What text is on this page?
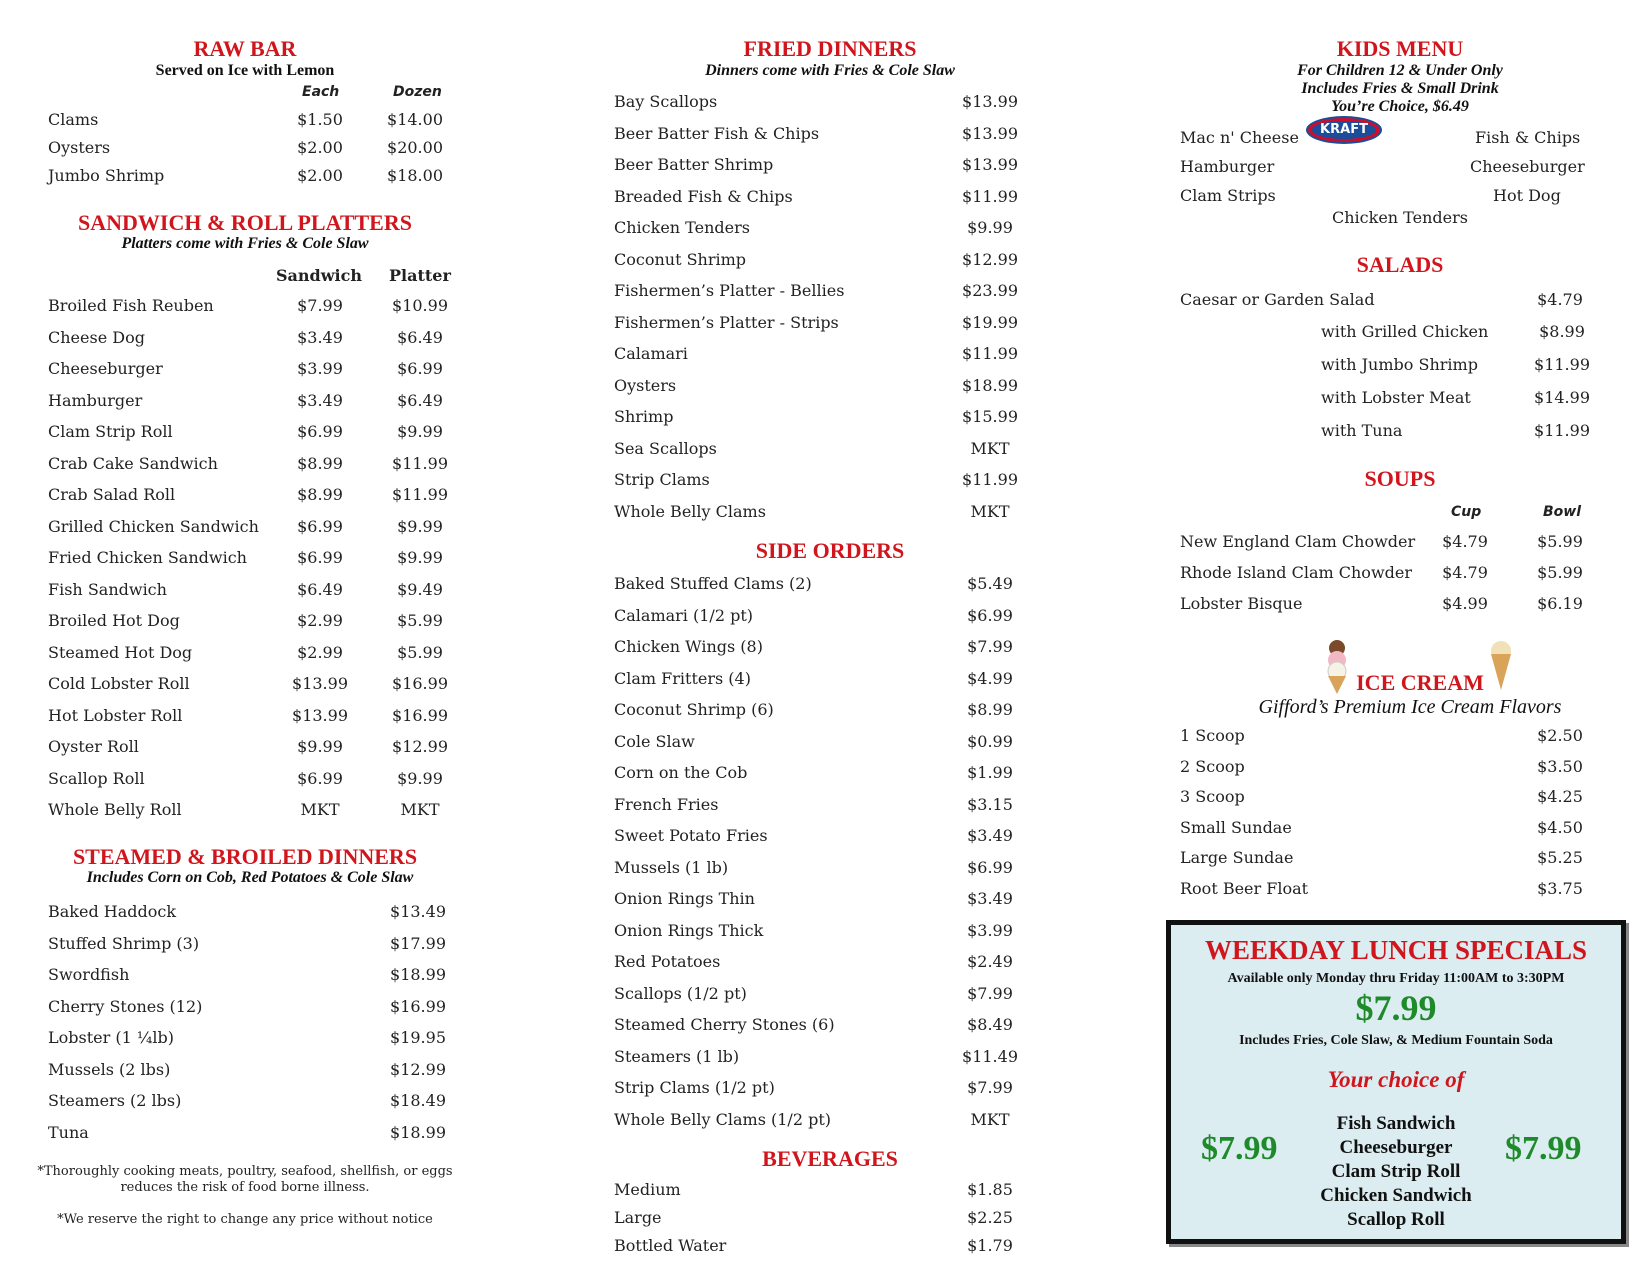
RAW BAR
Served on Ice with Lemon
Each	Dozen
Clams	$1.50	$14.00
Oysters	$2.00	$20.00
Jumbo Shrimp	$2.00	$18.00
SANDWICH & ROLL PLATTERS
Platters come with Fries & Cole Slaw
Sandwich Platter
Broiled Fish Reuben	$7.99	$10.99
Cheese Dog	$3.49	$6.49
Cheeseburger	$3.99	$6.99
Hamburger	$3.49	$6.49
Clam Strip Roll	$6.99	$9.99
Crab Cake Sandwich	$8.99	$11.99
Crab Salad Roll	$8.99	$11.99
Grilled Chicken Sandwich $6.99	$9.99
Fried Chicken Sandwich	$6.99	$9.99
Fish Sandwich	$6.49	$9.49
Broiled Hot Dog	$2.99	$5.99
Steamed Hot Dog	$2.99	$5.99
Cold Lobster Roll	$13.99	$16.99
Hot Lobster Roll	$13.99	$16.99
Oyster Roll	$9.99	$12.99
Scallop Roll	$6.99	$9.99
Whole Belly Roll	MKT	MKT
STEAMED & BROILED DINNERS
Includes Corn on Cob, Red Potatoes & Cole Slaw
Baked Haddock	$13.49
Stuffed Shrimp (3)	$17.99
Swordfish	$18.99
Cherry Stones (12)	$16.99
Lobster (1 ¼lb)	$19.95
Mussels (2 lbs)	$12.99
Steamers (2 lbs)	$18.49
Tuna	$18.99
*Thoroughly cooking meats, poultry, seafood, shellfish, or eggs
reduces the risk of food borne illness.
*We reserve the right to change any price without notice
FRIED DINNERS
Dinners come with Fries & Cole Slaw
Bay Scallops	$13.99
Beer Batter Fish & Chips	$13.99
Beer Batter Shrimp	$13.99
Breaded Fish & Chips	$11.99
Chicken Tenders	$9.99
Coconut Shrimp	$12.99
Fishermen’s Platter - Bellies	$23.99
Fishermen’s Platter - Strips	$19.99
Calamari	$11.99
Oysters	$18.99
Shrimp	$15.99
Sea Scallops	MKT
Strip Clams	$11.99
Whole Belly Clams	MKT
SIDE ORDERS
Baked Stuffed Clams (2)	$5.49
Calamari (1/2 pt)	$6.99
Chicken Wings (8)	$7.99
Clam Fritters (4)	$4.99
Coconut Shrimp (6)	$8.99
Cole Slaw	$0.99
Corn on the Cob	$1.99
French Fries	$3.15
Sweet Potato Fries	$3.49
Mussels (1 lb)	$6.99
Onion Rings Thin	$3.49
Onion Rings Thick	$3.99
Red Potatoes	$2.49
Scallops (1/2 pt)	$7.99
Steamed Cherry Stones (6)	$8.49
Steamers (1 lb)	$11.49
Strip Clams (1/2 pt)	$7.99
Whole Belly Clams (1/2 pt)	MKT
BEVERAGES
Medium	$1.85
Large	$2.25
Bottled Water	$1.79
KIDS MENU
For Children 12 & Under Only
Includes Fries & Small Drink
You’re Choice, $6.49
KRAFT
Mac n' Cheese	Fish & Chips
Hamburger	Cheeseburger
Clam Strips	Hot Dog
Chicken Tenders
SALADS
Caesar or Garden Salad	$4.79
with Grilled Chicken	$8.99
with Jumbo Shrimp	$11.99
with Lobster Meat	$14.99
with Tuna	$11.99
SOUPS
Cup	Bowl
New England Clam Chowder $4.79	$5.99
Rhode Island Clam Chowder $4.79	$5.99
Lobster Bisque	$4.99	$6.19
ICE CREAM
Gifford’s Premium Ice Cream Flavors
1 Scoop	$2.50
2 Scoop	$3.50
3 Scoop	$4.25
Small Sundae	$4.50
Large Sundae	$5.25
Root Beer Float	$3.75
WEEKDAY LUNCH SPECIALS
Available only Monday thru Friday 11:00AM to 3:30PM
$7.99
Includes Fries, Cole Slaw, & Medium Fountain Soda
Your choice of
$7.99	$7.99
Fish Sandwich
Cheeseburger
Clam Strip Roll
Chicken Sandwich
Scallop Roll
